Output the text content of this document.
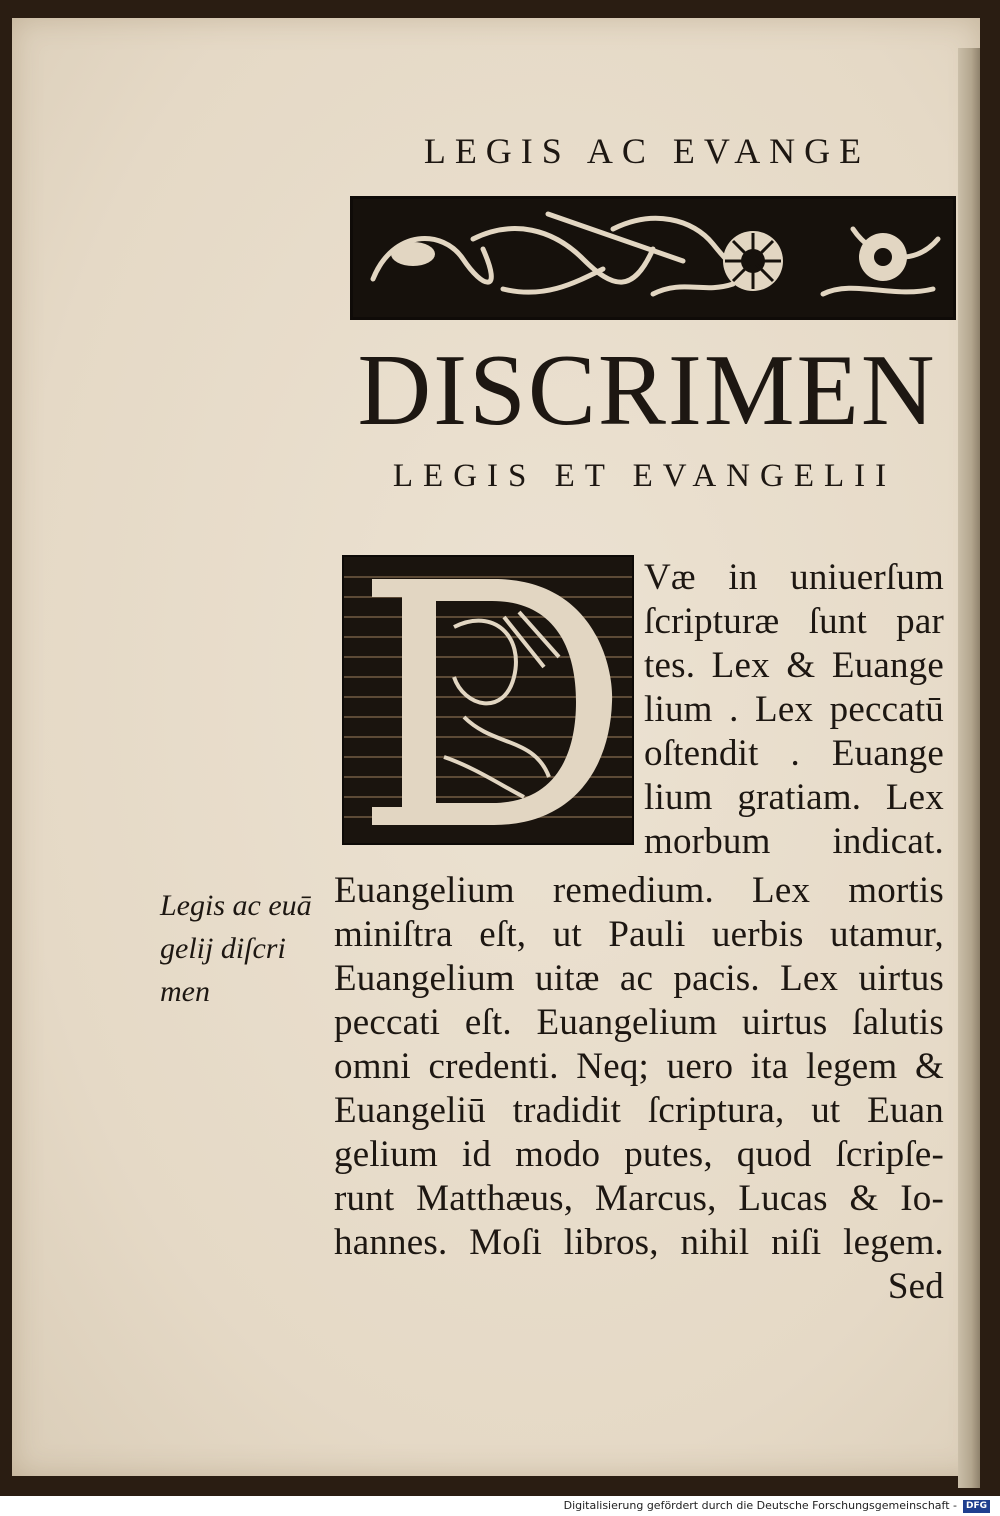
LEGIS AC EVANGE
DISCRIMEN
LEGIS ET EVANGELII
Legis ac euā
gelij diſcri
men
Væ in uniuerſum
ſcripturæ ſunt par
tes. Lex & Euange
lium . Lex peccatū
oſtendit . Euange
lium gratiam. Lex
morbum indicat.
Euangelium remedium. Lex mortis
miniſtra eſt, ut Pauli uerbis utamur,
Euangelium uitæ ac pacis. Lex uirtus
peccati eſt. Euangelium uirtus ſalutis
omni credenti. Neq; uero ita legem &
Euangeliū tradidit ſcriptura, ut Euan
gelium id modo putes, quod ſcripſe-
runt Matthæus, Marcus, Lucas & Io-
hannes. Moſi libros, nihil niſi legem.
Sed
Digitalisierung gefördert durch die Deutsche Forschungsgemeinschaft - DFG
